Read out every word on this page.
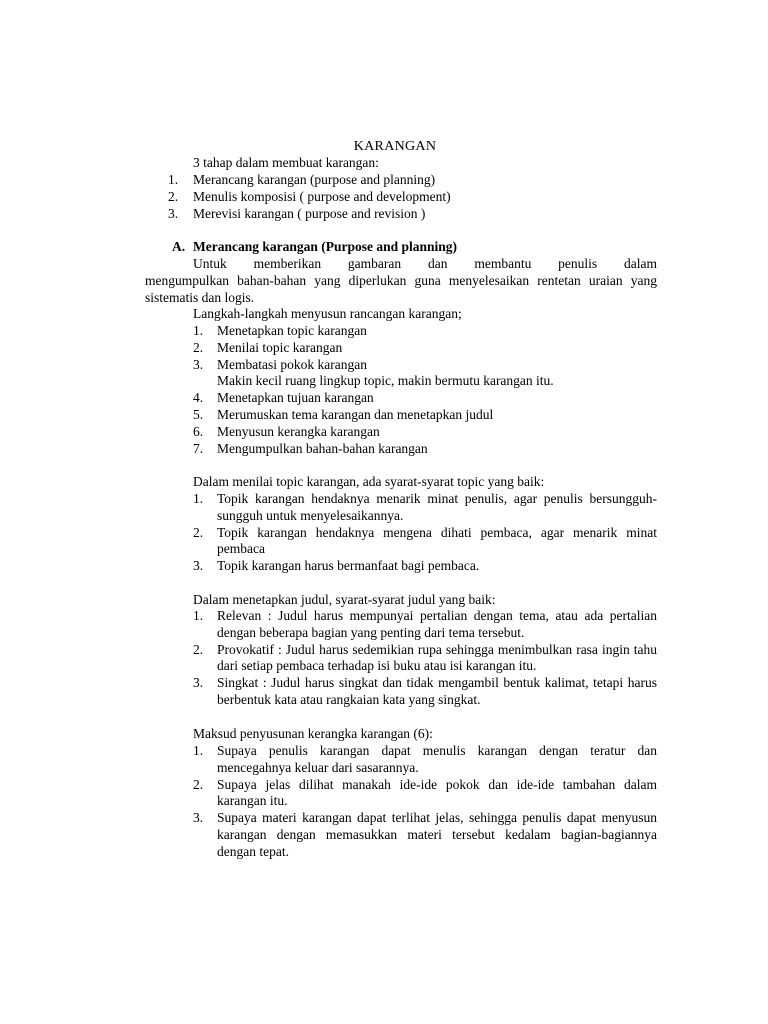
KARANGAN
3 tahap dalam membuat karangan:
1. Merancang karangan (purpose and planning)
2. Menulis komposisi ( purpose and development)
3. Merevisi karangan ( purpose and revision )
A. Merancang karangan (Purpose and planning)
Untuk memberikan gambaran dan membantu penulis dalam
mengumpulkan bahan-bahan yang diperlukan guna menyelesaikan rentetan uraian yang sistematis dan logis.
Langkah-langkah menyusun rancangan karangan;
1. Menetapkan topic karangan
2. Menilai topic karangan
3. Membatasi pokok karangan
Makin kecil ruang lingkup topic, makin bermutu karangan itu.
4. Menetapkan tujuan karangan
5. Merumuskan tema karangan dan menetapkan judul
6. Menyusun kerangka karangan
7. Mengumpulkan bahan-bahan karangan
Dalam menilai topic karangan, ada syarat-syarat topic yang baik:
1. Topik karangan hendaknya menarik minat penulis, agar penulis bersungguh-sungguh untuk menyelesaikannya.
2. Topik karangan hendaknya mengena dihati pembaca, agar menarik minat pembaca
3. Topik karangan harus bermanfaat bagi pembaca.
Dalam menetapkan judul, syarat-syarat judul yang baik:
1. Relevan : Judul harus mempunyai pertalian dengan tema, atau ada pertalian dengan beberapa bagian yang penting dari tema tersebut.
2. Provokatif : Judul harus sedemikian rupa sehingga menimbulkan rasa ingin tahu dari setiap pembaca terhadap isi buku atau isi karangan itu.
3. Singkat : Judul harus singkat dan tidak mengambil bentuk kalimat, tetapi harus berbentuk kata atau rangkaian kata yang singkat.
Maksud penyusunan kerangka karangan (6):
1. Supaya penulis karangan dapat menulis karangan dengan teratur dan mencegahnya keluar dari sasarannya.
2. Supaya jelas dilihat manakah ide-ide pokok dan ide-ide tambahan dalam karangan itu.
3. Supaya materi karangan dapat terlihat jelas, sehingga penulis dapat menyusun karangan dengan memasukkan materi tersebut kedalam bagian-bagiannya dengan tepat.
